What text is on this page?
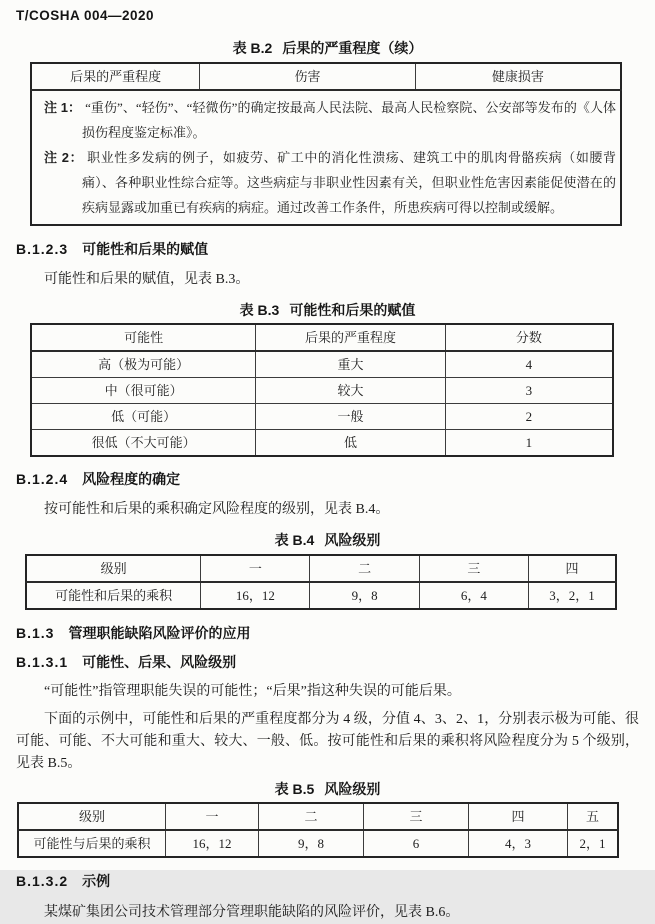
T/COSHA 004—2020
表 B.2 后果的严重程度（续）
后果的严重程度	伤害	健康损害

注 1： “重伤”、“轻伤”、“轻微伤”的确定按最高人民法院、最高人民检察院、公安部等发布的《人体损伤程度鉴定标准》。
注 2： 职业性多发病的例子，如疲劳、矿工中的消化性溃疡、建筑工中的肌肉骨骼疾病（如腰背痛）、各种职业性综合症等。这些病症与非职业性因素有关，但职业性危害因素能促使潜在的疾病显露或加重已有疾病的病症。通过改善工作条件，所患疾病可得以控制或缓解。
B.1.2.3 可能性和后果的赋值
可能性和后果的赋值，见表 B.3。
表 B.3 可能性和后果的赋值
可能性	后果的严重程度	分数
高（极为可能）	重大	4
中（很可能）	较大	3
低（可能）	一般	2
很低（不大可能）	低	1
B.1.2.4 风险程度的确定
按可能性和后果的乘积确定风险程度的级别，见表 B.4。
表 B.4 风险级别
级别	一	二	三	四
可能性和后果的乘积	16，12	9，8	6，4	3，2，1
B.1.3 管理职能缺陷风险评价的应用
B.1.3.1 可能性、后果、风险级别
“可能性”指管理职能失误的可能性；“后果”指这种失误的可能后果。
下面的示例中，可能性和后果的严重程度都分为 4 级，分值 4、3、2、1，分别表示极为可能、很可能、可能、不大可能和重大、较大、一般、低。按可能性和后果的乘积将风险程度分为 5 个级别，见表 B.5。
表 B.5 风险级别
级别	一	二	三	四	五
可能性与后果的乘积	16，12	9，8	6	4，3	2，1
B.1.3.2 示例
某煤矿集团公司技术管理部分管理职能缺陷的风险评价，见表 B.6。
